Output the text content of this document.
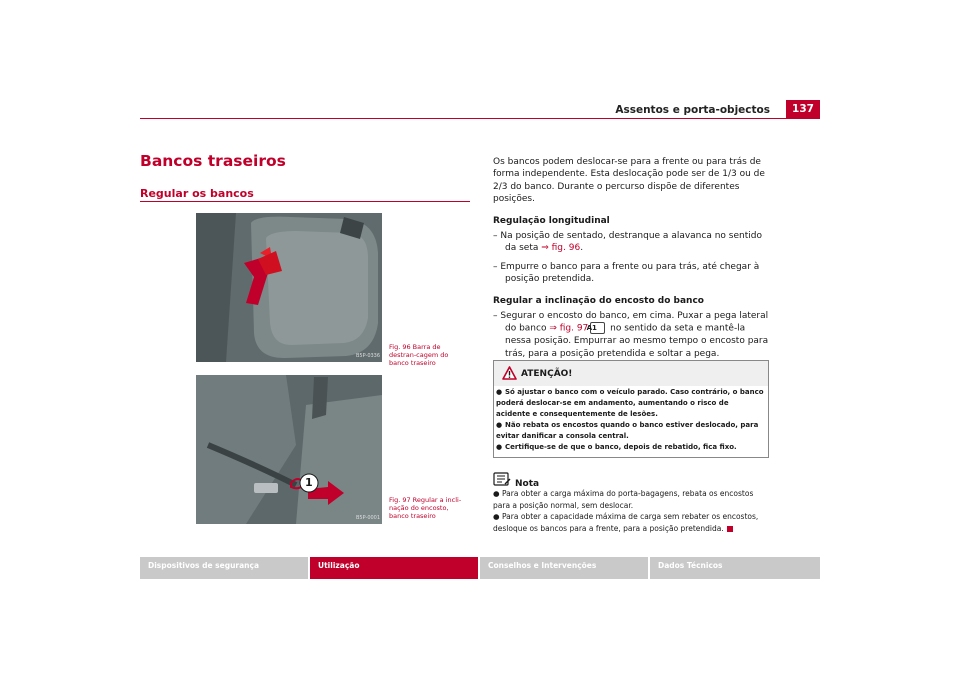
Assentos e porta-objectos	137
Bancos traseiros
Regular os bancos
B5P-0336
Fig. 96 Barra de destran-cagem do banco traseiro
1
B5P-0001
Fig. 97 Regular a incli-nação do encosto, banco traseiro

Os bancos podem deslocar-se para a frente ou para trás de forma independente. Esta deslocação pode ser de 1/3 ou de 2/3 do banco. Durante o percurso dispõe de diferentes posições.

Regulação longitudinal

– Na posição de sentado, destranque a alavanca no sentido da seta ⇒ fig. 96.

– Empurre o banco para a frente ou para trás, até chegar à posição pretendida.

Regular a inclinação do encosto do banco

– Segurar o encosto do banco, em cima. Puxar a pega lateral do banco ⇒ fig. 97A1 no sentido da seta e mantê-la nessa posição. Empurrar ao mesmo tempo o encosto para trás, para a posição pretendida e soltar a pega.

ATENÇÃO!

● Só ajustar o banco com o veículo parado. Caso contrário, o banco poderá deslocar-se em andamento, aumentando o risco de acidente e consequentemente de lesões.

● Não rebata os encostos quando o banco estiver deslocado, para evitar danificar a consola central.

● Certifique-se de que o banco, depois de rebatido, fica fixo.

Nota

● Para obter a carga máxima do porta-bagagens, rebata os encostos para a posição normal, sem deslocar.

● Para obter a capacidade máxima de carga sem rebater os encostos, desloque os bancos para a frente, para a posição pretendida.

Dispositivos de segurança	Utilização	Conselhos e Intervenções	Dados Técnicos
